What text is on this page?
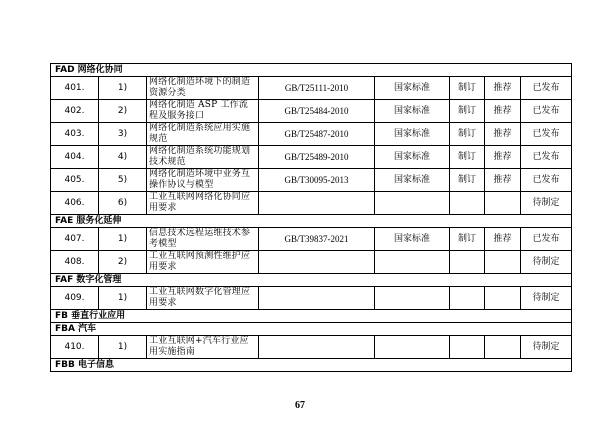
FAD 网络化协同							
401.	1)	网络化制造环境下的制造资源分类	GB/T25111-2010	国家标准	制订	推荐	已发布
402.	2)	网络化制造 ASP 工作流程及服务接口	GB/T25484-2010	国家标准	制订	推荐	已发布
403.	3)	网络化制造系统应用实施规范	GB/T25487-2010	国家标准	制订	推荐	已发布
404.	4)	网络化制造系统功能规划技术规范	GB/T25489-2010	国家标准	制订	推荐	已发布
405.	5)	网络化制造环境中业务互操作协议与模型	GB/T30095-2013	国家标准	制订	推荐	已发布
406.	6)	工业互联网网络化协同应用要求					待制定
FAE 服务化延伸							
407.	1)	信息技术远程运维技术参考模型	GB/T39837-2021	国家标准	制订	推荐	已发布
408.	2)	工业互联网预测性维护应用要求					待制定
FAF 数字化管理							
409.	1)	工业互联网数字化管理应用要求					待制定
FB 垂直行业应用							
FBA 汽车							
410.	1)	工业互联网+汽车行业应用实施指南					待制定
FBB 电子信息							
67
